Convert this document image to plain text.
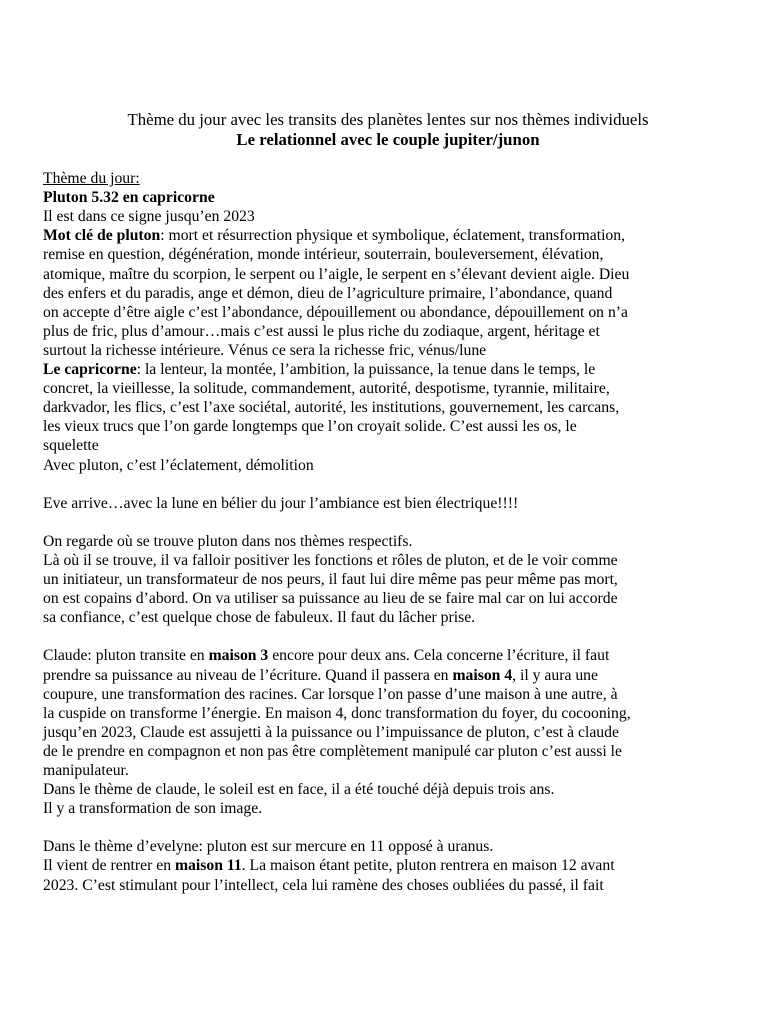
Thème du jour avec les transits des planètes lentes sur nos thèmes individuels

Le relationnel avec le couple jupiter/junon

Thème du jour:

Pluton 5.32 en capricorne

Il est dans ce signe jusqu’en 2023

Mot clé de pluton: mort et résurrection physique et symbolique, éclatement, transformation,

remise en question, dégénération, monde intérieur, souterrain, bouleversement, élévation,

atomique, maître du scorpion, le serpent ou l’aigle, le serpent en s’élevant devient aigle. Dieu

des enfers et du paradis, ange et démon, dieu de l’agriculture primaire, l’abondance, quand

on accepte d’être aigle c’est l’abondance, dépouillement ou abondance, dépouillement on n’a

plus de fric, plus d’amour…mais c’est aussi le plus riche du zodiaque, argent, héritage et

surtout la richesse intérieure. Vénus ce sera la richesse fric, vénus/lune

Le capricorne: la lenteur, la montée, l’ambition, la puissance, la tenue dans le temps, le

concret, la vieillesse, la solitude, commandement, autorité, despotisme, tyrannie, militaire,

darkvador, les flics, c’est l’axe sociétal, autorité, les institutions, gouvernement, les carcans,

les vieux trucs que l’on garde longtemps que l’on croyait solide. C’est aussi les os, le

squelette

Avec pluton, c’est l’éclatement, démolition

Eve arrive…avec la lune en bélier du jour l’ambiance est bien électrique!!!!

On regarde où se trouve pluton dans nos thèmes respectifs.

Là où il se trouve, il va falloir positiver les fonctions et rôles de pluton, et de le voir comme

un initiateur, un transformateur de nos peurs, il faut lui dire même pas peur même pas mort,

on est copains d’abord. On va utiliser sa puissance au lieu de se faire mal car on lui accorde

sa confiance, c’est quelque chose de fabuleux. Il faut du lâcher prise.

Claude: pluton transite en maison 3 encore pour deux ans. Cela concerne l’écriture, il faut

prendre sa puissance au niveau de l’écriture. Quand il passera en maison 4, il y aura une

coupure, une transformation des racines. Car lorsque l’on passe d’une maison à une autre, à

la cuspide on transforme l’énergie. En maison 4, donc transformation du foyer, du cocooning,

jusqu’en 2023, Claude est assujetti à la puissance ou l’impuissance de pluton, c’est à claude

de le prendre en compagnon et non pas être complètement manipulé car pluton c’est aussi le

manipulateur.

Dans le thème de claude, le soleil est en face, il a été touché déjà depuis trois ans.

Il y a transformation de son image.

Dans le thème d’evelyne: pluton est sur mercure en 11 opposé à uranus.

Il vient de rentrer en maison 11. La maison étant petite, pluton rentrera en maison 12 avant

2023. C’est stimulant pour l’intellect, cela lui ramène des choses oubliées du passé, il fait
